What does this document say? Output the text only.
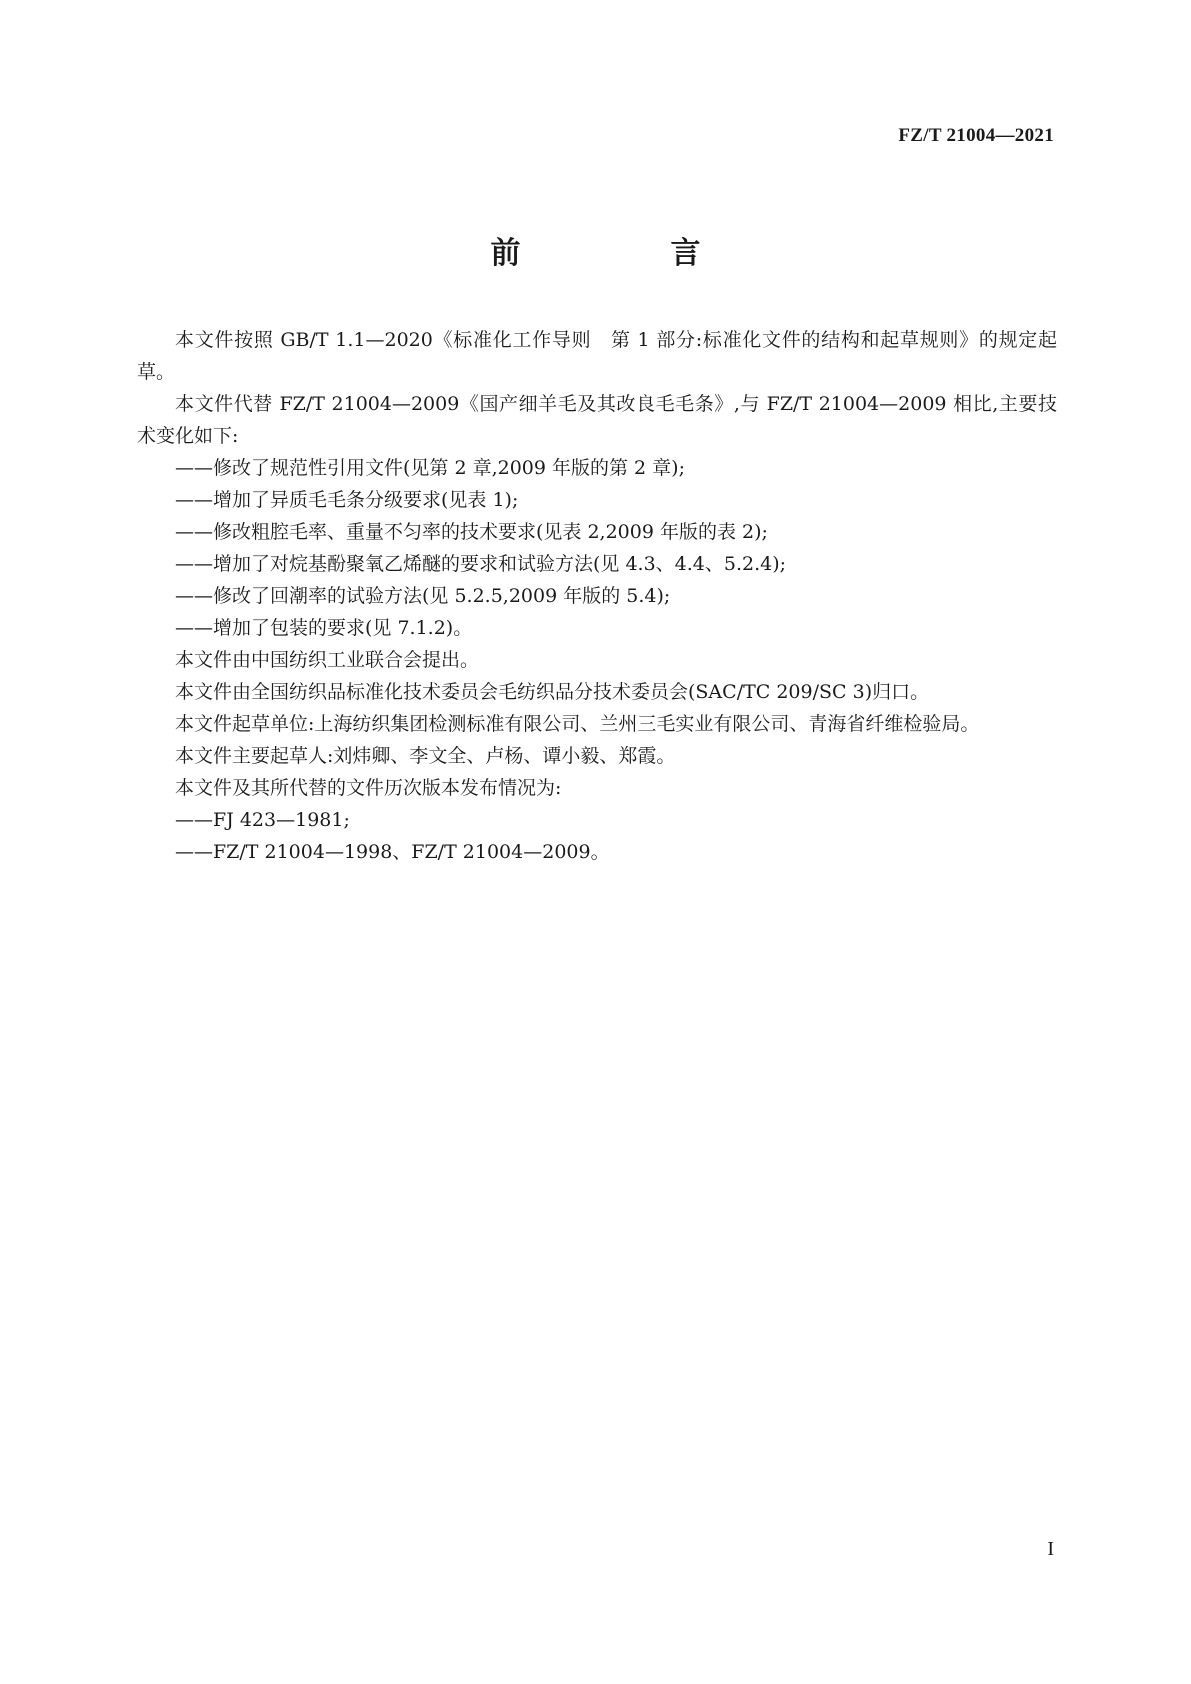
FZ/T 21004—2021
前　言

本文件按照 GB/T 1.1—2020《标准化工作导则　第 1 部分:标准化文件的结构和起草规则》的规定起草。

本文件代替 FZ/T 21004—2009《国产细羊毛及其改良毛毛条》,与 FZ/T 21004—2009 相比,主要技术变化如下:

——修改了规范性引用文件(见第 2 章,2009 年版的第 2 章);

——增加了异质毛毛条分级要求(见表 1);

——修改粗腔毛率、重量不匀率的技术要求(见表 2,2009 年版的表 2);

——增加了对烷基酚聚氧乙烯醚的要求和试验方法(见 4.3、4.4、5.2.4);

——修改了回潮率的试验方法(见 5.2.5,2009 年版的 5.4);

——增加了包装的要求(见 7.1.2)。

本文件由中国纺织工业联合会提出。

本文件由全国纺织品标准化技术委员会毛纺织品分技术委员会(SAC/TC 209/SC 3)归口。

本文件起草单位:上海纺织集团检测标准有限公司、兰州三毛实业有限公司、青海省纤维检验局。

本文件主要起草人:刘炜卿、李文全、卢杨、谭小毅、郑霞。

本文件及其所代替的文件历次版本发布情况为:

——FJ 423—1981;

——FZ/T 21004—1998、FZ/T 21004—2009。

I
